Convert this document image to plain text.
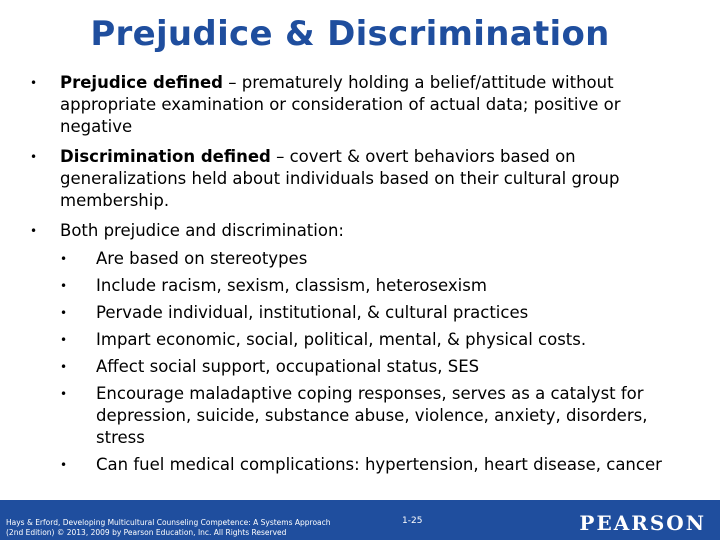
Prejudice & Discrimination
• Prejudice defined – prematurely holding a belief/attitude without appropriate examination or consideration of actual data; positive or negative
• Discrimination defined – covert & overt behaviors based on generalizations held about individuals based on their cultural group membership.
• Both prejudice and discrimination:
• Are based on stereotypes
• Include racism, sexism, classism, heterosexism
• Pervade individual, institutional, & cultural practices
• Impart economic, social, political, mental, & physical costs.
• Affect social support, occupational status, SES
• Encourage maladaptive coping responses, serves as a catalyst for depression, suicide, substance abuse, violence, anxiety, disorders, stress
• Can fuel medical complications: hypertension, heart disease, cancer
Hays & Erford, Developing Multicultural Counseling Competence: A Systems Approach
(2nd Edition) © 2013, 2009 by Pearson Education, Inc. All Rights Reserved
1-25	PEARSON
